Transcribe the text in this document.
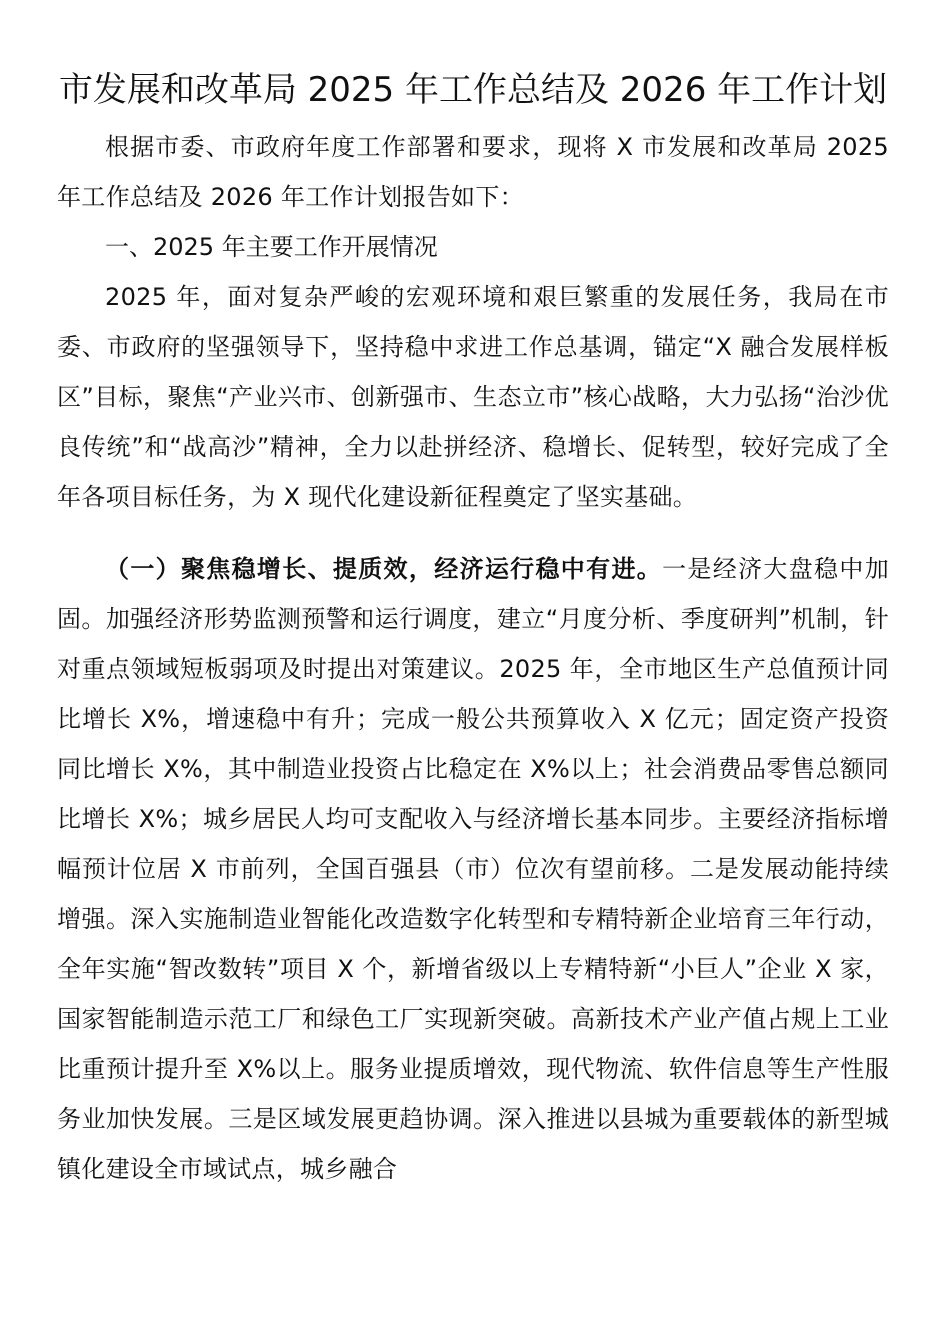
市发展和改革局 2025 年工作总结及 2026 年工作计划

根据市委、市政府年度工作部署和要求，现将 X 市发展和改革局 2025 年工作总结及 2026 年工作计划报告如下：

一、2025 年主要工作开展情况

2025 年，面对复杂严峻的宏观环境和艰巨繁重的发展任务，我局在市委、市政府的坚强领导下，坚持稳中求进工作总基调，锚定“X 融合发展样板区”目标，聚焦“产业兴市、创新强市、生态立市”核心战略，大力弘扬“治沙优良传统”和“战高沙”精神，全力以赴拼经济、稳增长、促转型，较好完成了全年各项目标任务，为 X 现代化建设新征程奠定了坚实基础。

（一）聚焦稳增长、提质效，经济运行稳中有进。一是经济大盘稳中加固。加强经济形势监测预警和运行调度，建立“月度分析、季度研判”机制，针对重点领域短板弱项及时提出对策建议。2025 年，全市地区生产总值预计同比增长 X%，增速稳中有升；完成一般公共预算收入 X 亿元；固定资产投资同比增长 X%，其中制造业投资占比稳定在 X%以上；社会消费品零售总额同比增长 X%；城乡居民人均可支配收入与经济增长基本同步。主要经济指标增幅预计位居 X 市前列，全国百强县（市）位次有望前移。二是发展动能持续增强。深入实施制造业智能化改造数字化转型和专精特新企业培育三年行动，全年实施“智改数转”项目 X 个，新增省级以上专精特新“小巨人”企业 X 家，国家智能制造示范工厂和绿色工厂实现新突破。高新技术产业产值占规上工业比重预计提升至 X%以上。服务业提质增效，现代物流、软件信息等生产性服务业加快发展。三是区域发展更趋协调。深入推进以县城为重要载体的新型城镇化建设全市域试点，城乡融合
